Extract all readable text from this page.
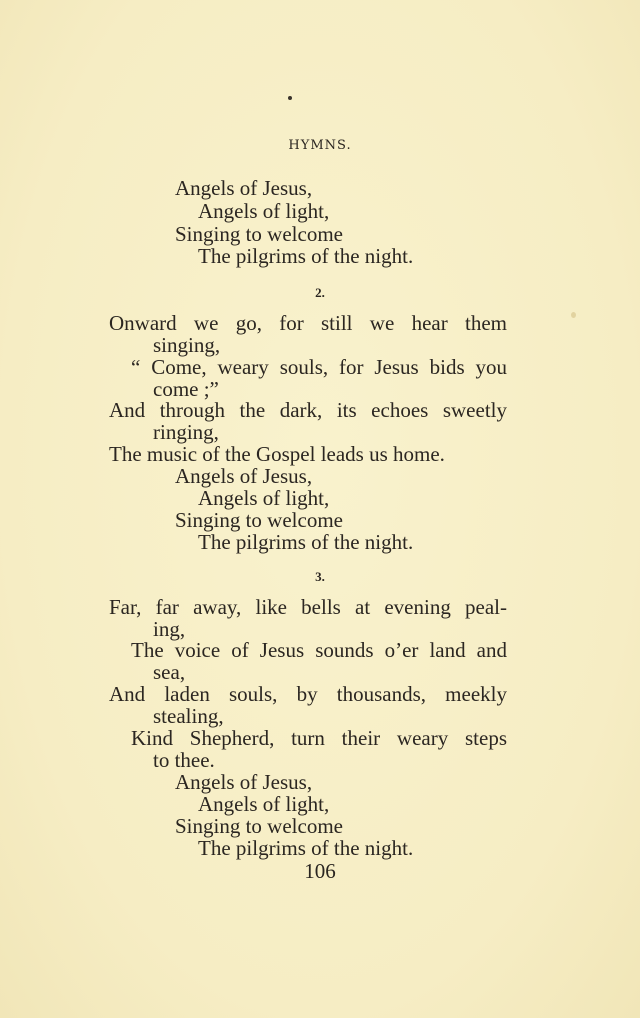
HYMNS.
Angels of Jesus,
Angels of light,
Singing to welcome
The pilgrims of the night.
2.
Onward we go, for still we hear them
singing,
“ Come, weary souls, for Jesus bids you
come ;”
And through the dark, its echoes sweetly
ringing,
The music of the Gospel leads us home.
Angels of Jesus,
Angels of light,
Singing to welcome
The pilgrims of the night.
3.
Far, far away, like bells at evening peal-
ing,
The voice of Jesus sounds o’er land and
sea,
And laden souls, by thousands, meekly
stealing,
Kind Shepherd, turn their weary steps
to thee.
Angels of Jesus,
Angels of light,
Singing to welcome
The pilgrims of the night.
106
